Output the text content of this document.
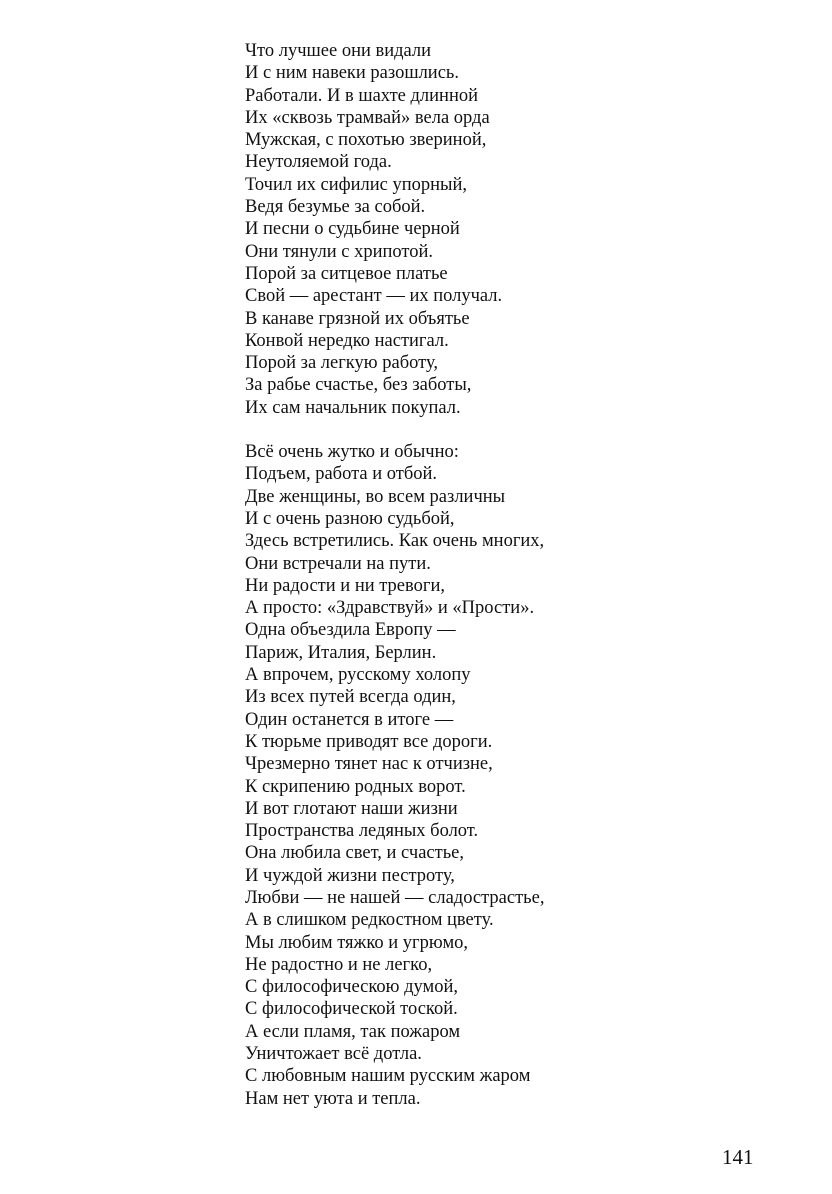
Что лучшее они видали
И с ним навеки разошлись.
Работали. И в шахте длинной
Их «сквозь трамвай» вела орда
Мужская, с похотью звериной,
Неутоляемой года.
Точил их сифилис упорный,
Ведя безумье за собой.
И песни о судьбине черной
Они тянули с хрипотой.
Порой за ситцевое платье
Свой — арестант — их получал.
В канаве грязной их объятье
Конвой нередко настигал.
Порой за легкую работу,
За рабье счастье, без заботы,
Их сам начальник покупал.

Всё очень жутко и обычно:
Подъем, работа и отбой.
Две женщины, во всем различны
И с очень разною судьбой,
Здесь встретились. Как очень многих,
Они встречали на пути.
Ни радости и ни тревоги,
А просто: «Здравствуй» и «Прости».
Одна объездила Европу —
Париж, Италия, Берлин.
А впрочем, русскому холопу
Из всех путей всегда один,
Один останется в итоге —
К тюрьме приводят все дороги.
Чрезмерно тянет нас к отчизне,
К скрипению родных ворот.
И вот глотают наши жизни
Пространства ледяных болот.
Она любила свет, и счастье,
И чуждой жизни пестроту,
Любви — не нашей — сладострастье,
А в слишком редкостном цвету.
Мы любим тяжко и угрюмо,
Не радостно и не легко,
С философическою думой,
С философической тоской.
А если пламя, так пожаром
Уничтожает всё дотла.
С любовным нашим русским жаром
Нам нет уюта и тепла.

141
